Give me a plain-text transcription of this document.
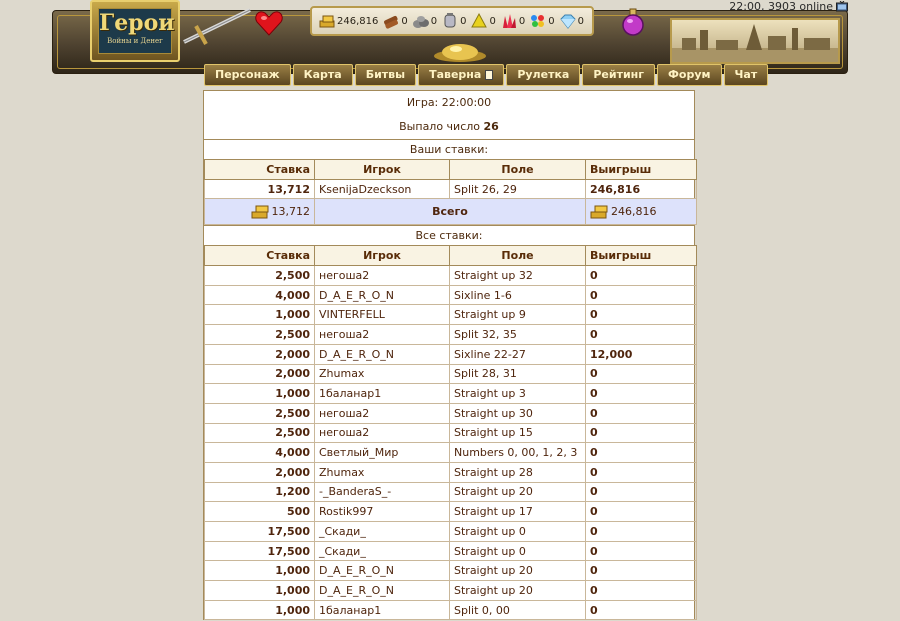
Герои
Войны и Денег
246,816 0 0 0 0 0 0 0
22:00, 3903 online
Персонаж	Карта	Битвы	Таверна	Рулетка	Рейтинг	Форум	Чат
Игра: 22:00:00
Выпало число 26
Ваши ставки:
Ставка	Игрок	Поле	Выигрыш
13,712	KsenijaDzeckson	Split 26, 29	246,816
13,712	Всего		246,816
Все ставки:
Ставка	Игрок	Поле	Выигрыш
2,500	негоша2	Straight up 32	0
4,000	D_A_E_R_O_N	Sixline 1-6	0
1,000	VINTERFELL	Straight up 9	0
2,500	негоша2	Split 32, 35	0
2,000	D_A_E_R_O_N	Sixline 22-27	12,000
2,000	Zhumax	Split 28, 31	0
1,000	1баланар1	Straight up 3	0
2,500	негоша2	Straight up 30	0
2,500	негоша2	Straight up 15	0
4,000	Светлый_Мир	Numbers 0, 00, 1, 2, 3	0
2,000	Zhumax	Straight up 28	0
1,200	-_BanderaS_-	Straight up 20	0
500	Rostik997	Straight up 17	0
17,500	_Скади_	Straight up 0	0
17,500	_Скади_	Straight up 0	0
1,000	D_A_E_R_O_N	Straight up 20	0
1,000	D_A_E_R_O_N	Straight up 20	0
1,000	1баланар1	Split 0, 00	0
